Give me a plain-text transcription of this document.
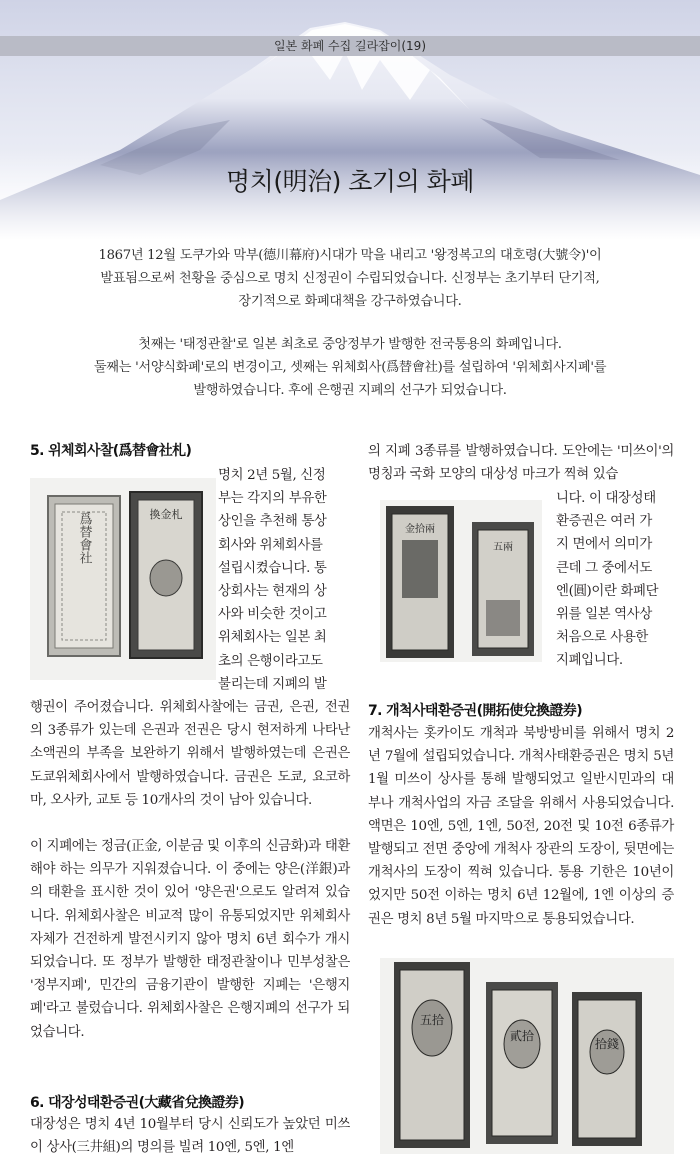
일본 화폐 수집 길라잡이(19)
명치(明治) 초기의 화폐

1867년 12월 도쿠가와 막부(德川幕府)시대가 막을 내리고 '왕정복고의 대호령(大號令)'이

발표됨으로써 천황을 중심으로 명치 신정권이 수립되었습니다. 신정부는 초기부터 단기적,

장기적으로 화폐대책을 강구하였습니다.

첫째는 '태정관찰'로 일본 최초로 중앙정부가 발행한 전국통용의 화폐입니다.

둘째는 '서양식화폐'로의 변경이고, 셋째는 위체회사(爲替會社)를 설립하여 '위체회사지폐'를

발행하였습니다. 후에 은행권 지폐의 선구가 되었습니다.

5. 위체회사찰(爲替會社札)
爲替會社	換金札

명치 2년 5월, 신정

부는 각지의 부유한

상인을 추천해 통상

회사와 위체회사를

설립시켰습니다. 통

상회사는 현재의 상

사와 비슷한 것이고

위체회사는 일본 최

초의 은행이라고도

불리는데 지폐의 발

행권이 주어졌습니다. 위체회사찰에는 금권, 은권, 전권의 3종류가 있는데 은권과 전권은 당시 현저하게 나타난 소액권의 부족을 보완하기 위해서 발행하였는데 은권은 도쿄위체회사에서 발행하였습니다. 금권은 도쿄, 요코하마, 오사카, 교토 등 10개사의 것이 남아 있습니다.

이 지폐에는 정금(正金, 이분금 및 이후의 신금화)과 태환해야 하는 의무가 지워졌습니다. 이 중에는 양은(洋銀)과의 태환을 표시한 것이 있어 '양은권'으로도 알려져 있습니다. 위체회사찰은 비교적 많이 유통되었지만 위체회사 자체가 건전하게 발전시키지 않아 명치 6년 회수가 개시되었습니다. 또 정부가 발행한 태정관찰이나 민부성찰은 '정부지폐', 민간의 금융기관이 발행한 지폐는 '은행지폐'라고 불렀습니다. 위체회사찰은 은행지폐의 선구가 되었습니다.

6. 대장성태환증권(大藏省兌換證券)

대장성은 명치 4년 10월부터 당시 신뢰도가 높았던 미쓰이 상사(三井組)의 명의를 빌려 10엔, 5엔, 1엔

의 지폐 3종류를 발행하였습니다. 도안에는 '미쓰이'의 명칭과 국화 모양의 대상성 마크가 찍혀 있습

金拾兩
五兩

니다. 이 대장성태

환증권은 여러 가

지 면에서 의미가

큰데 그 중에서도

엔(圓)이란 화폐단

위를 일본 역사상

처음으로 사용한

지폐입니다.

7. 개척사태환증권(開拓使兌換證券)

개척사는 홋카이도 개척과 북방방비를 위해서 명치 2년 7월에 설립되었습니다. 개척사태환증권은 명치 5년 1월 미쓰이 상사를 통해 발행되었고 일반시민과의 대부나 개척사업의 자금 조달을 위해서 사용되었습니다. 액면은 10엔, 5엔, 1엔, 50전, 20전 및 10전 6종류가 발행되고 전면 중앙에 개척사 장관의 도장이, 뒷면에는 개척사의 도장이 찍혀 있습니다. 통용 기한은 10년이었지만 50전 이하는 명치 6년 12월에, 1엔 이상의 증권은 명치 8년 5월 마지막으로 통용되었습니다.

五拾
貳拾
拾錢
